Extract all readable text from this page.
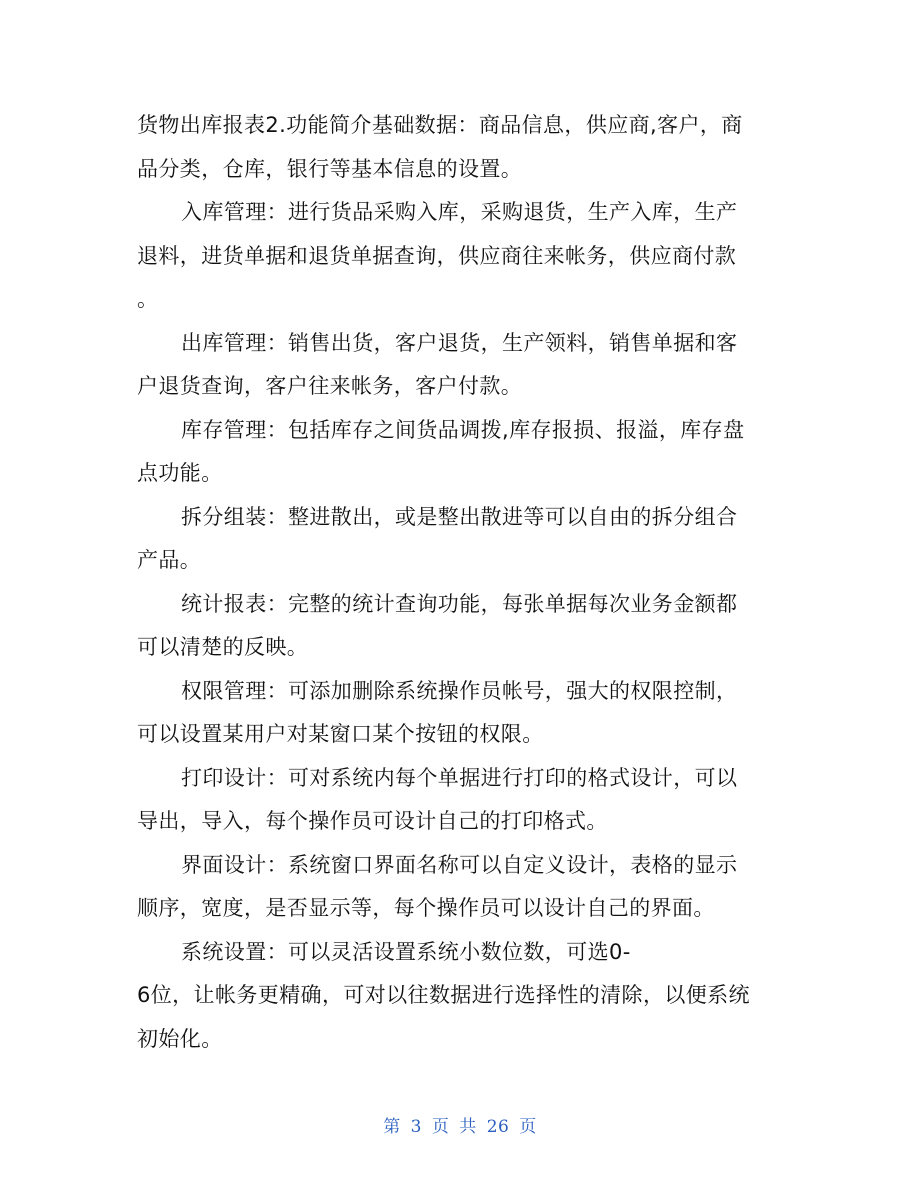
货物出库报表2.功能简介基础数据：商品信息，供应商,客户，商
品分类，仓库，银行等基本信息的设置。
入库管理：进行货品采购入库，采购退货，生产入库，生产
退料，进货单据和退货单据查询，供应商往来帐务，供应商付款
。
出库管理：销售出货，客户退货，生产领料，销售单据和客
户退货查询，客户往来帐务，客户付款。
库存管理：包括库存之间货品调拨,库存报损、报溢，库存盘
点功能。
拆分组装：整进散出，或是整出散进等可以自由的拆分组合
产品。
统计报表：完整的统计查询功能，每张单据每次业务金额都
可以清楚的反映。
权限管理：可添加删除系统操作员帐号，强大的权限控制，
可以设置某用户对某窗口某个按钮的权限。
打印设计：可对系统内每个单据进行打印的格式设计，可以
导出，导入，每个操作员可设计自己的打印格式。
界面设计：系统窗口界面名称可以自定义设计，表格的显示
顺序，宽度，是否显示等，每个操作员可以设计自己的界面。
系统设置：可以灵活设置系统小数位数，可选0-
6位，让帐务更精确，可对以往数据进行选择性的清除，以便系统
初始化。
第 3 页 共 26 页
